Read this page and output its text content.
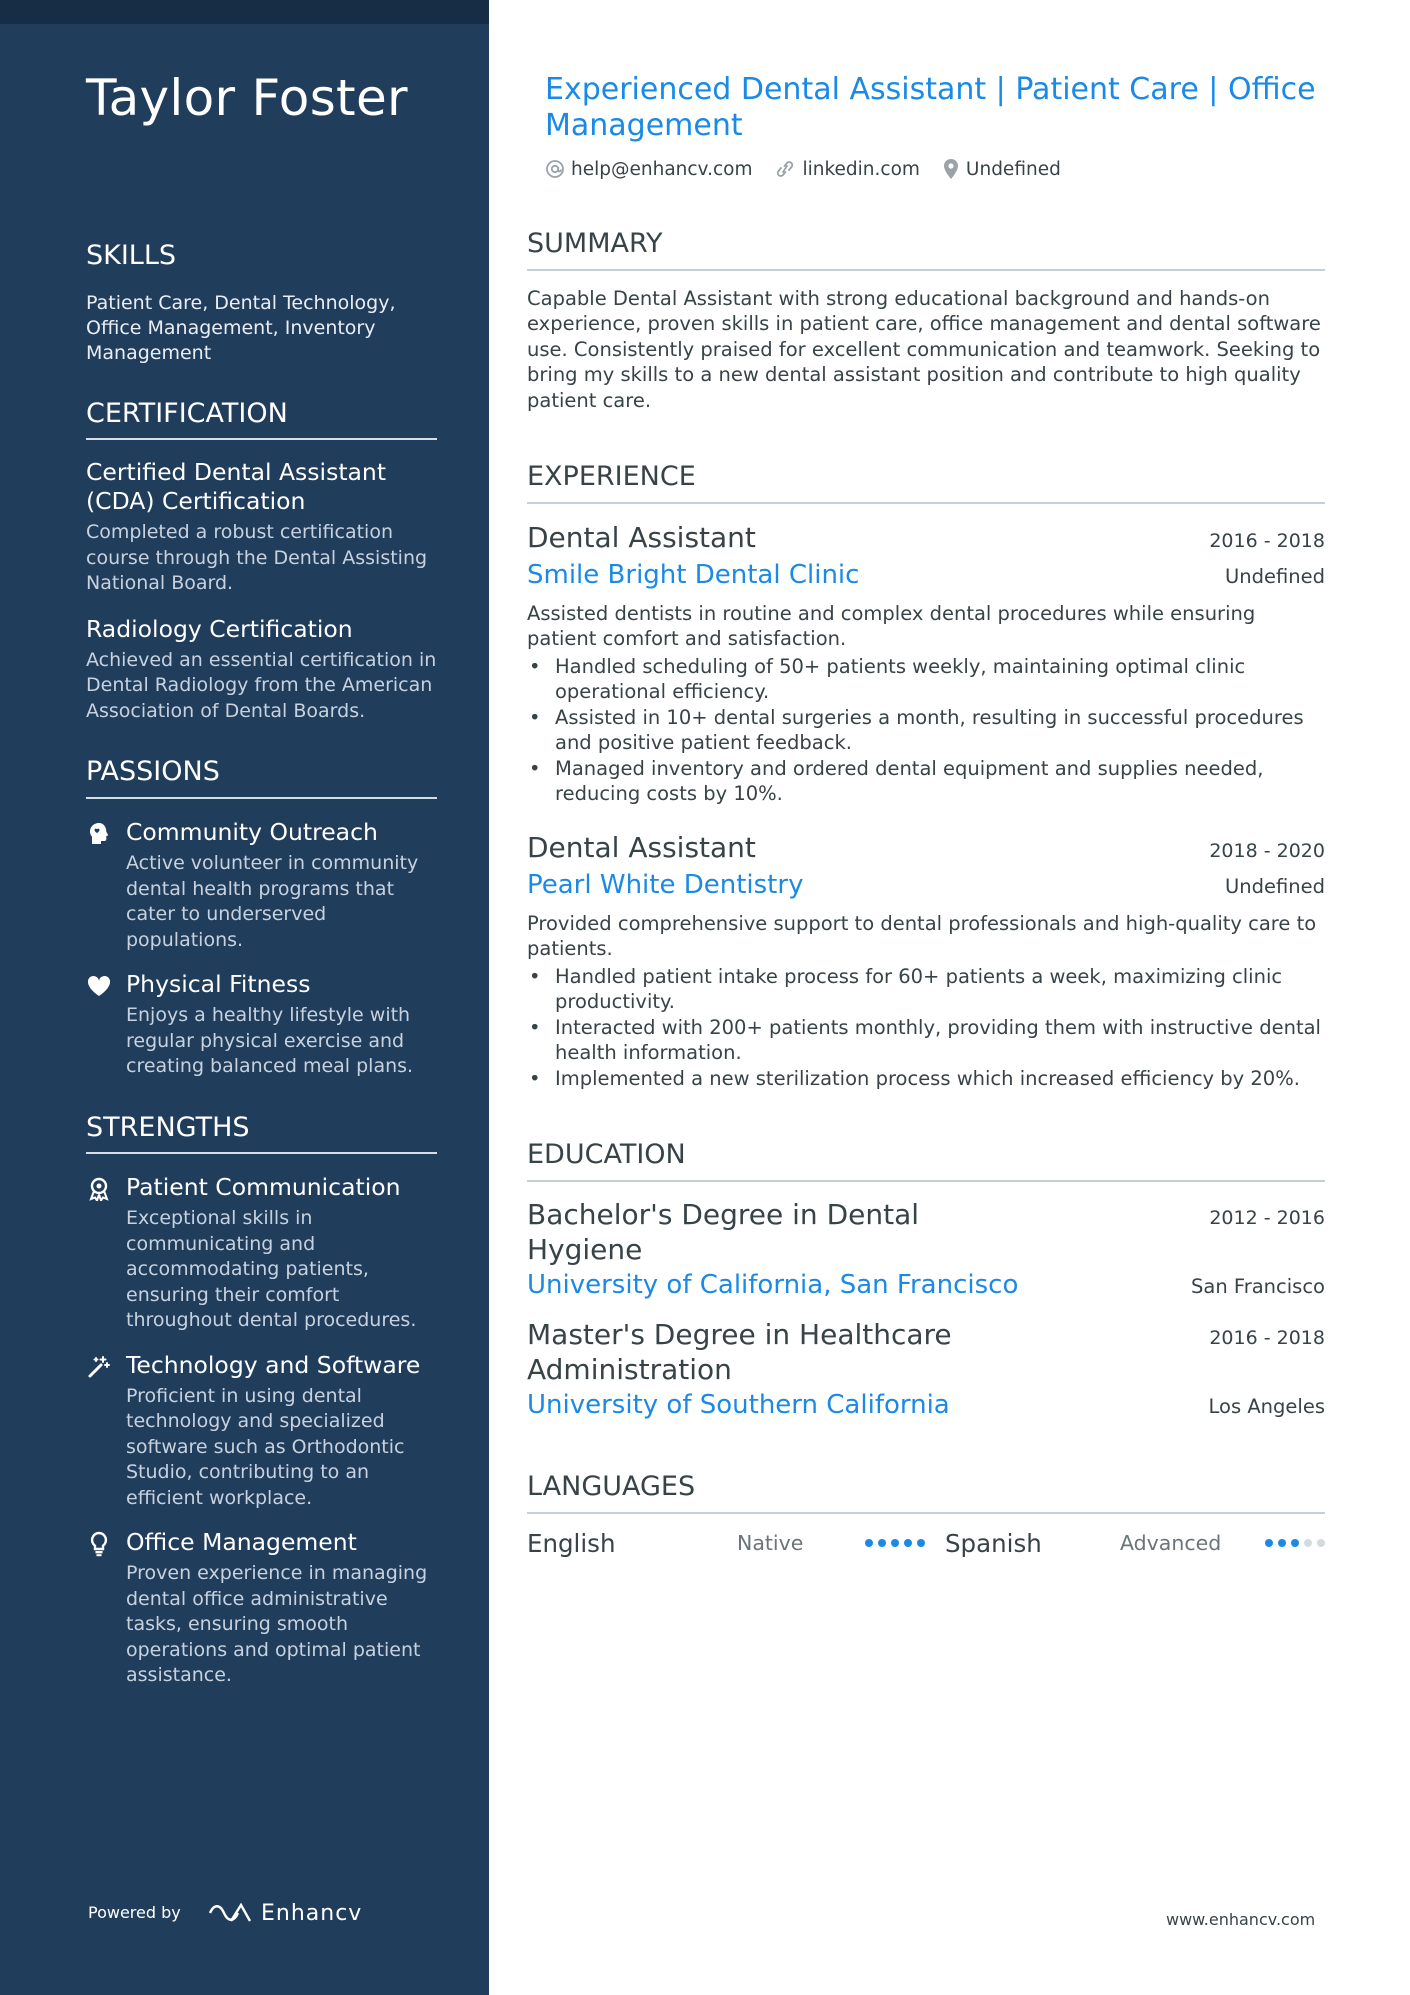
Taylor Foster
SKILLS
Patient Care, Dental Technology, Office Management, Inventory Management
CERTIFICATION
Certified Dental Assistant (CDA) Certification
Completed a robust certification course through the Dental Assisting National Board.
Radiology Certification
Achieved an essential certification in Dental Radiology from the American Association of Dental Boards.
PASSIONS
Community Outreach
Active volunteer in community dental health programs that cater to underserved populations.
Physical Fitness
Enjoys a healthy lifestyle with regular physical exercise and creating balanced meal plans.
STRENGTHS
Patient Communication
Exceptional skills in communicating and accommodating patients, ensuring their comfort throughout dental procedures.
Technology and Software
Proficient in using dental technology and specialized software such as Orthodontic Studio, contributing to an efficient workplace.
Office Management
Proven experience in managing dental office administrative tasks, ensuring smooth operations and optimal patient assistance.
Powered by	Enhancv
Experienced Dental Assistant | Patient Care | Office Management
help@enhancv.com	linkedin.com Undefined
SUMMARY
Capable Dental Assistant with strong educational background and hands-on experience, proven skills in patient care, office management and dental software use. Consistently praised for excellent communication and teamwork. Seeking to bring my skills to a new dental assistant position and contribute to high quality patient care.
EXPERIENCE
Dental Assistant	2016 - 2018
Smile Bright Dental Clinic	Undefined
Assisted dentists in routine and complex dental procedures while ensuring patient comfort and satisfaction.
• Handled scheduling of 50+ patients weekly, maintaining optimal clinic operational efficiency.
• Assisted in 10+ dental surgeries a month, resulting in successful procedures and positive patient feedback.
• Managed inventory and ordered dental equipment and supplies needed, reducing costs by 10%.
Dental Assistant	2018 - 2020
Pearl White Dentistry	Undefined
Provided comprehensive support to dental professionals and high-quality care to patients.
• Handled patient intake process for 60+ patients a week, maximizing clinic productivity.
• Interacted with 200+ patients monthly, providing them with instructive dental health information.
• Implemented a new sterilization process which increased efficiency by 20%.
EDUCATION
Bachelor's Degree in Dental Hygiene
2012 - 2016
University of California, San Francisco	San Francisco
Master's Degree in Healthcare Administration
2016 - 2018
University of Southern California	Los Angeles
LANGUAGES
English	Native	Spanish	Advanced
www.enhancv.com
